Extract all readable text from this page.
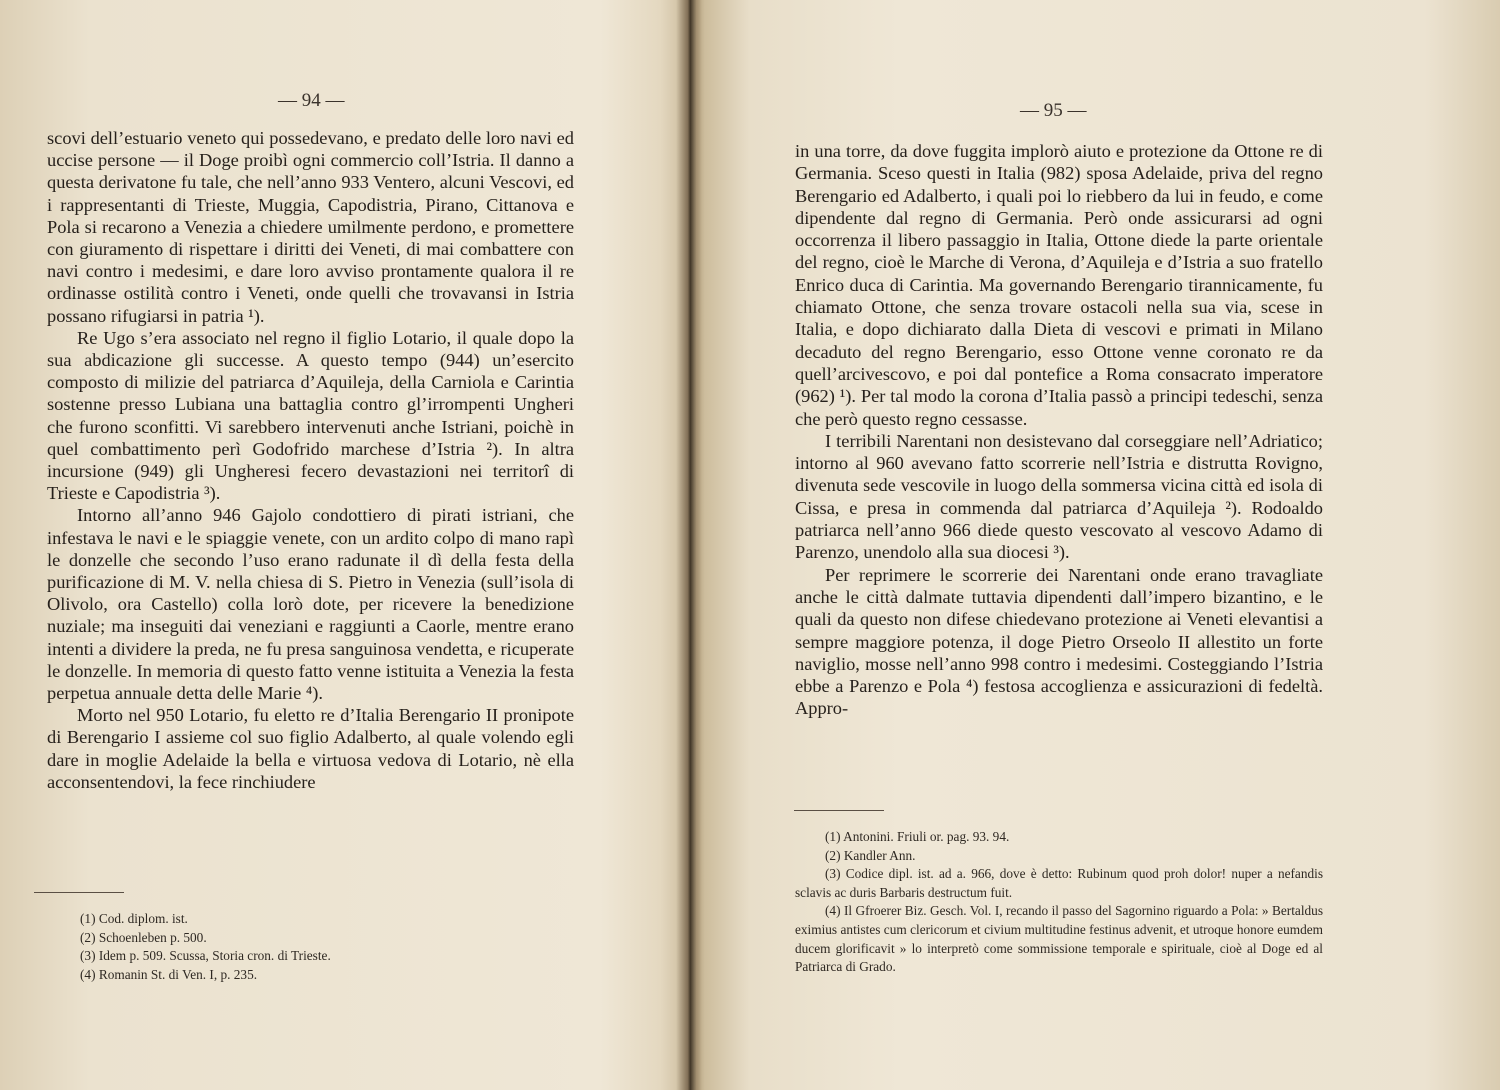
— 94 —

scovi dell’estuario veneto qui possedevano, e predato delle loro navi ed uccise persone — il Doge proibì ogni commercio coll’Istria. Il danno a questa derivatone fu tale, che nell’anno 933 Ventero, alcuni Vescovi, ed i rappresentanti di Trieste, Muggia, Capodistria, Pirano, Cittanova e Pola si recarono a Venezia a chiedere umilmente perdono, e promettere con giuramento di rispettare i diritti dei Veneti, di mai combattere con navi contro i medesimi, e dare loro avviso prontamente qualora il re ordinasse ostilità contro i Veneti, onde quelli che trovavansi in Istria possano rifugiarsi in patria ¹).

Re Ugo s’era associato nel regno il figlio Lotario, il quale dopo la sua abdicazione gli successe. A questo tempo (944) un’esercito composto di milizie del patriarca d’Aquileja, della Carniola e Carintia sostenne presso Lubiana una battaglia contro gl’irrompenti Ungheri che furono sconfitti. Vi sarebbero intervenuti anche Istriani, poichè in quel combattimento perì Godofrido marchese d’Istria ²). In altra incursione (949) gli Ungheresi fecero devastazioni nei territorî di Trieste e Capodistria ³).

Intorno all’anno 946 Gajolo condottiero di pirati istriani, che infestava le navi e le spiaggie venete, con un ardito colpo di mano rapì le donzelle che secondo l’uso erano radunate il dì della festa della purificazione di M. V. nella chiesa di S. Pietro in Venezia (sull’isola di Olivolo, ora Castello) colla lorò dote, per ricevere la benedizione nuziale; ma inseguiti dai veneziani e raggiunti a Caorle, mentre erano intenti a dividere la preda, ne fu presa sanguinosa vendetta, e ricuperate le donzelle. In memoria di questo fatto venne istituita a Venezia la festa perpetua annuale detta delle Marie ⁴).

Morto nel 950 Lotario, fu eletto re d’Italia Berengario II pronipote di Berengario I assieme col suo figlio Adalberto, al quale volendo egli dare in moglie Adelaide la bella e virtuosa vedova di Lotario, nè ella acconsentendovi, la fece rinchiudere

(1) Cod. diplom. ist.

(2) Schoenleben p. 500.

(3) Idem p. 509. Scussa, Storia cron. di Trieste.

(4) Romanin St. di Ven. I, p. 235.

— 95 —

in una torre, da dove fuggita implorò aiuto e protezione da Ottone re di Germania. Sceso questi in Italia (982) sposa Adelaide, priva del regno Berengario ed Adalberto, i quali poi lo riebbero da lui in feudo, e come dipendente dal regno di Germania. Però onde assicurarsi ad ogni occorrenza il libero passaggio in Italia, Ottone diede la parte orientale del regno, cioè le Marche di Verona, d’Aquileja e d’Istria a suo fratello Enrico duca di Carintia. Ma governando Berengario tirannicamente, fu chiamato Ottone, che senza trovare ostacoli nella sua via, scese in Italia, e dopo dichiarato dalla Dieta di vescovi e primati in Milano decaduto del regno Berengario, esso Ottone venne coronato re da quell’arcivescovo, e poi dal pontefice a Roma consacrato imperatore (962) ¹). Per tal modo la corona d’Italia passò a principi tedeschi, senza che però questo regno cessasse.

I terribili Narentani non desistevano dal corseggiare nell’Adriatico; intorno al 960 avevano fatto scorrerie nell’Istria e distrutta Rovigno, divenuta sede vescovile in luogo della sommersa vicina città ed isola di Cissa, e presa in commenda dal patriarca d’Aquileja ²). Rodoaldo patriarca nell’anno 966 diede questo vescovato al vescovo Adamo di Parenzo, unendolo alla sua diocesi ³).

Per reprimere le scorrerie dei Narentani onde erano travagliate anche le città dalmate tuttavia dipendenti dall’impero bizantino, e le quali da questo non difese chiedevano protezione ai Veneti elevantisi a sempre maggiore potenza, il doge Pietro Orseolo II allestito un forte naviglio, mosse nell’anno 998 contro i medesimi. Costeggiando l’Istria ebbe a Parenzo e Pola ⁴) festosa accoglienza e assicurazioni di fedeltà. Appro-

(1) Antonini. Friuli or. pag. 93. 94.

(2) Kandler Ann.

(3) Codice dipl. ist. ad a. 966, dove è detto: Rubinum quod proh dolor! nuper a nefandis sclavis ac duris Barbaris destructum fuit.

(4) Il Gfroerer Biz. Gesch. Vol. I, recando il passo del Sagornino riguardo a Pola: » Bertaldus eximius antistes cum clericorum et civium multitudine festinus advenit, et utroque honore eumdem ducem glorificavit » lo interpretò come sommissione temporale e spirituale, cioè al Doge ed al Patriarca di Grado.
